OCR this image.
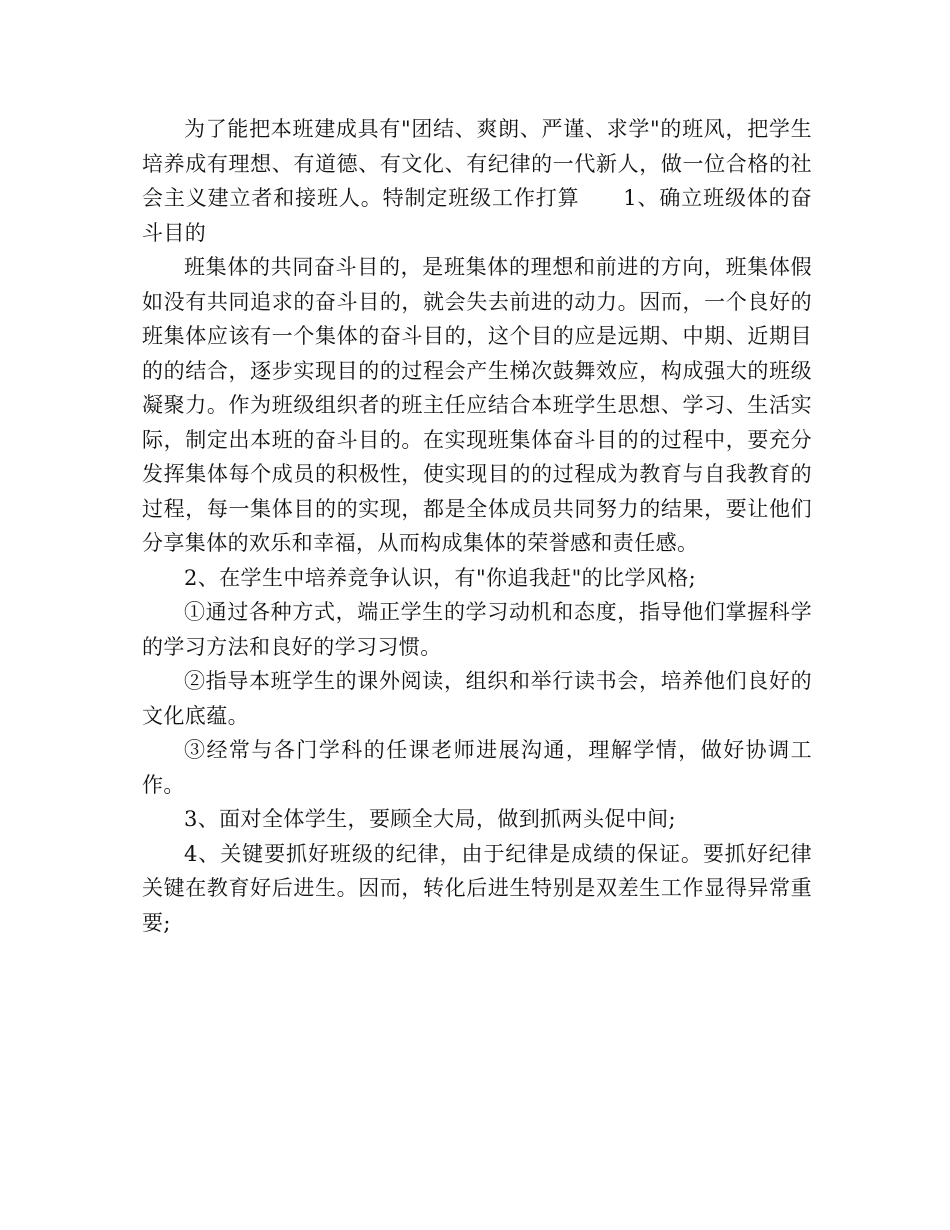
为了能把本班建成具有"团结、爽朗、严谨、求学"的班风，把学生培养成有理想、有道德、有文化、有纪律的一代新人，做一位合格的社会主义建立者和接班人。特制定班级工作打算　　1、确立班级体的奋斗目的

班集体的共同奋斗目的，是班集体的理想和前进的方向，班集体假如没有共同追求的奋斗目的，就会失去前进的动力。因而，一个良好的班集体应该有一个集体的奋斗目的，这个目的应是远期、中期、近期目的的结合，逐步实现目的的过程会产生梯次鼓舞效应，构成强大的班级凝聚力。作为班级组织者的班主任应结合本班学生思想、学习、生活实际，制定出本班的奋斗目的。在实现班集体奋斗目的的过程中，要充分发挥集体每个成员的积极性，使实现目的的过程成为教育与自我教育的过程，每一集体目的的实现，都是全体成员共同努力的结果，要让他们分享集体的欢乐和幸福，从而构成集体的荣誉感和责任感。

2、在学生中培养竞争认识，有"你追我赶"的比学风格;

①通过各种方式，端正学生的学习动机和态度，指导他们掌握科学的学习方法和良好的学习习惯。

②指导本班学生的课外阅读，组织和举行读书会，培养他们良好的文化底蕴。

③经常与各门学科的任课老师进展沟通，理解学情，做好协调工作。

3、面对全体学生，要顾全大局，做到抓两头促中间;

4、关键要抓好班级的纪律，由于纪律是成绩的保证。要抓好纪律关键在教育好后进生。因而，转化后进生特别是双差生工作显得异常重要;
